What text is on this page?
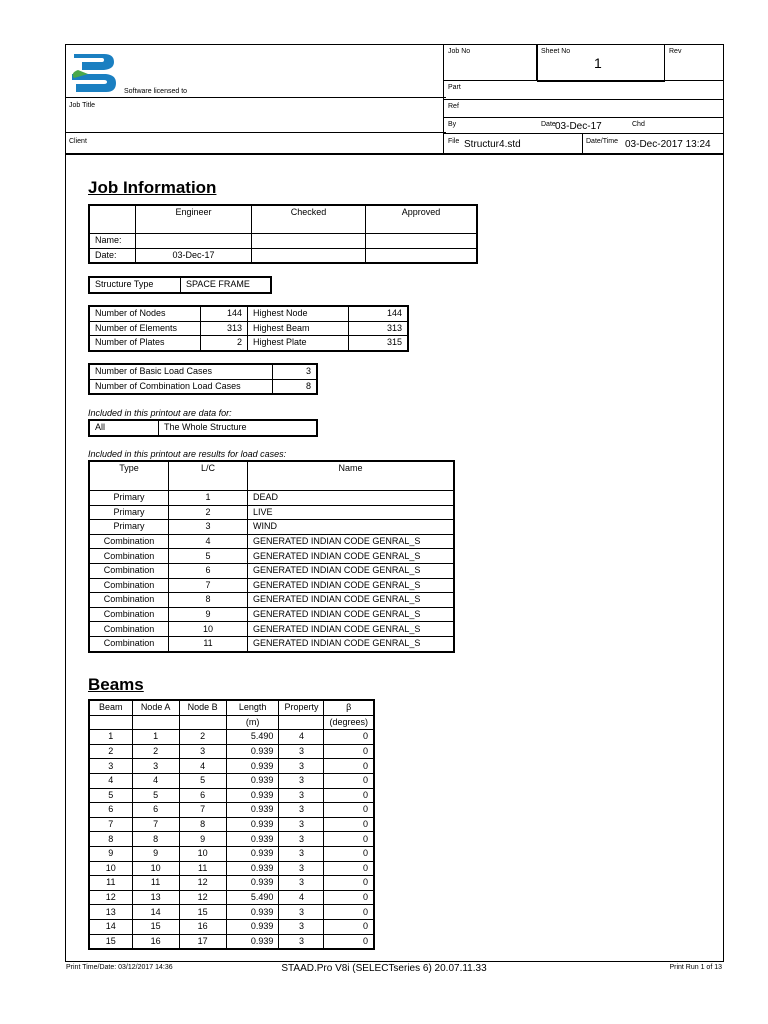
Software licensed to
Job Title
Client
Job No	Sheet No
1
Rev
Part
Ref
By	Date 03-Dec-17	Chd
File Structur4.std	Date/Time 03-Dec-2017 13:24
Job Information
	Engineer	Checked	Approved
Name:			
Date:	03-Dec-17		
Structure Type	SPACE FRAME
Number of Nodes	144	Highest Node	144
Number of Elements	313	Highest Beam	313
Number of Plates	2	Highest Plate	315
Number of Basic Load Cases	3
Number of Combination Load Cases	8
Included in this printout are data for:
All	The Whole Structure
Included in this printout are results for load cases:
Type	L/C	Name
Primary	1	DEAD
Primary	2	LIVE
Primary	3	WIND
Combination	4	GENERATED INDIAN CODE GENRAL_S
Combination	5	GENERATED INDIAN CODE GENRAL_S
Combination	6	GENERATED INDIAN CODE GENRAL_S
Combination	7	GENERATED INDIAN CODE GENRAL_S
Combination	8	GENERATED INDIAN CODE GENRAL_S
Combination	9	GENERATED INDIAN CODE GENRAL_S
Combination	10	GENERATED INDIAN CODE GENRAL_S
Combination	11	GENERATED INDIAN CODE GENRAL_S
Beams
Beam	Node A	Node B	Length	Property	β
			(m)		(degrees)
1	1	2	5.490	4	0
2	2	3	0.939	3	0
3	3	4	0.939	3	0
4	4	5	0.939	3	0
5	5	6	0.939	3	0
6	6	7	0.939	3	0
7	7	8	0.939	3	0
8	8	9	0.939	3	0
9	9	10	0.939	3	0
10	10	11	0.939	3	0
11	11	12	0.939	3	0
12	13	12	5.490	4	0
13	14	15	0.939	3	0
14	15	16	0.939	3	0
15	16	17	0.939	3	0
Print Time/Date: 03/12/2017 14:36	STAAD.Pro V8i (SELECTseries 6) 20.07.11.33	Print Run 1 of 13
